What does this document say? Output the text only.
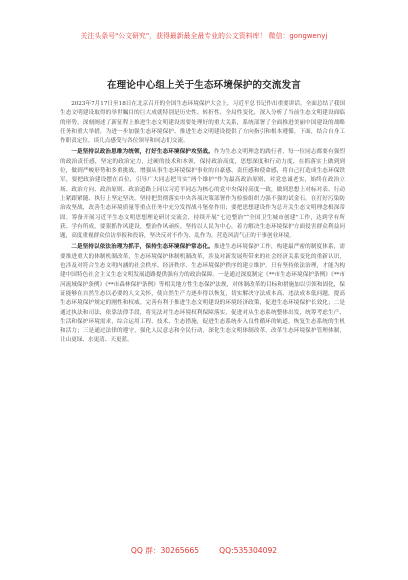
关注头条号"公文研究"，获得最新最全最专业的公文资料库！ 微信：gongwenyj
在理论中心组上关于生态环境保护的交流发言

2023年7月17日至18日在北京召开的全国生态环境保护大会上，习近平总书记作出重要讲话。全面总结了我国生态文明建设取得的举世瞩目的巨大成就特别是历史性、转折性、全局性变化，深入分析了当前生态文明建设面临的形势，深刻阐述了新征程上推进生态文明建设需要处理好的重大关系，系统部署了全面推进美丽中国建设的战略任务和重大举措，为进一步加强生态环境保护、推进生态文明建设提供了方向指引和根本遵循。下面，结合自身工作职责定位，谈几点感受与各位领导和同志们交流。

一是坚持以政治思维为统领，打好生态环境保护攻坚战。作为生态文明理念的践行者，每一位同志都要有强烈的政治责任感，坚定的政治定力，过硬的技术和本领，保持政治高度，思想深度和行动力度，在抓落实上做到到位，做到严峻形势和多重挑战，增强从事生态环境保护事业的自豪感、责任感和使命感，将自己打造成生态环保铁军，要把政治建设摆在首位，引导广大同志把当实“两个维护”作为最高政治原则，对党忠诚老实，始终在政治立场、政治方向、政治原则、政治道路上同以习近平同志为核心的党中央保持高度一致，做到思想上对标对表、行动上紧跟紧随、执行上坚定坚决。坚持把贯彻落实中央各项决策部署作为检验组织力强不强的试金石，在打好污染防治攻坚战，改善生态环境质量等重点任务中充分发挥战斗堡垒作用；要把思想建设作为总开关生态文明理念根深蒂固。筹备开展习近平生态文明思想理论研讨交流会，持续开展“七边整治”“全国卫生城市创建”工作，达到学有所获、学有所成。要狠抓作风建设，整治作风顽疾。坚持以人民为中心，着力解决生态环境保护方面侵害群众利益问题，高度重视群众信访举报和投诉，坚决反对不作为、乱作为，营造风清气正的干事创业环境。

二是坚持以依法治理为抓手，保持生态环境保护常态化。推进生态环境保护工作，构建最严密的制度体系，需要推进重大的体制机制改革，生态环境保护体制机制改革，涉及对新发展所带来的社会经济关系变化的重新认识，也涉及对符合生态文明内涵的社会秩序、经济秩序、生态环境保护秩序的建立维护。只有坚持依法治理，才能为构建中国特色社会主义生态文明发展道路提供强有力的政治保障。一是通过深度制定《**市生态环境保护条例》《**市河流域保护条例》《**市森林保护条例》等相关地方性生态保护法规，对体制改革的目标和措施加以引领和固化，保证能够在自然生态以必要的人文关怀，使自然生产力逐步得以恢复，切实解决守法成本高、违法成本低问题，提高生态环境保护规定的刚性和权威。完善有利于推进生态文明建设的环境经济政策，促进生态环境保护长效化；二是通过执法和司法，依靠法律手段，将宪法对生态环境权利保障落实，促进对从生态系统整体出发，统筹考虑生产、生活和保护环境需求，综合运用工程、技术、生态措施，促进生态系统步入良性循环的轨道，恢复生态系统的生机和活力；三是通过法律的遵守，强化人民意志和全民行动，深化生态文明体制改革，改革生态环境保护管理体制，让山更绿、水更清、天更蓝。

QQ 群：30265665	QQ:535304092
